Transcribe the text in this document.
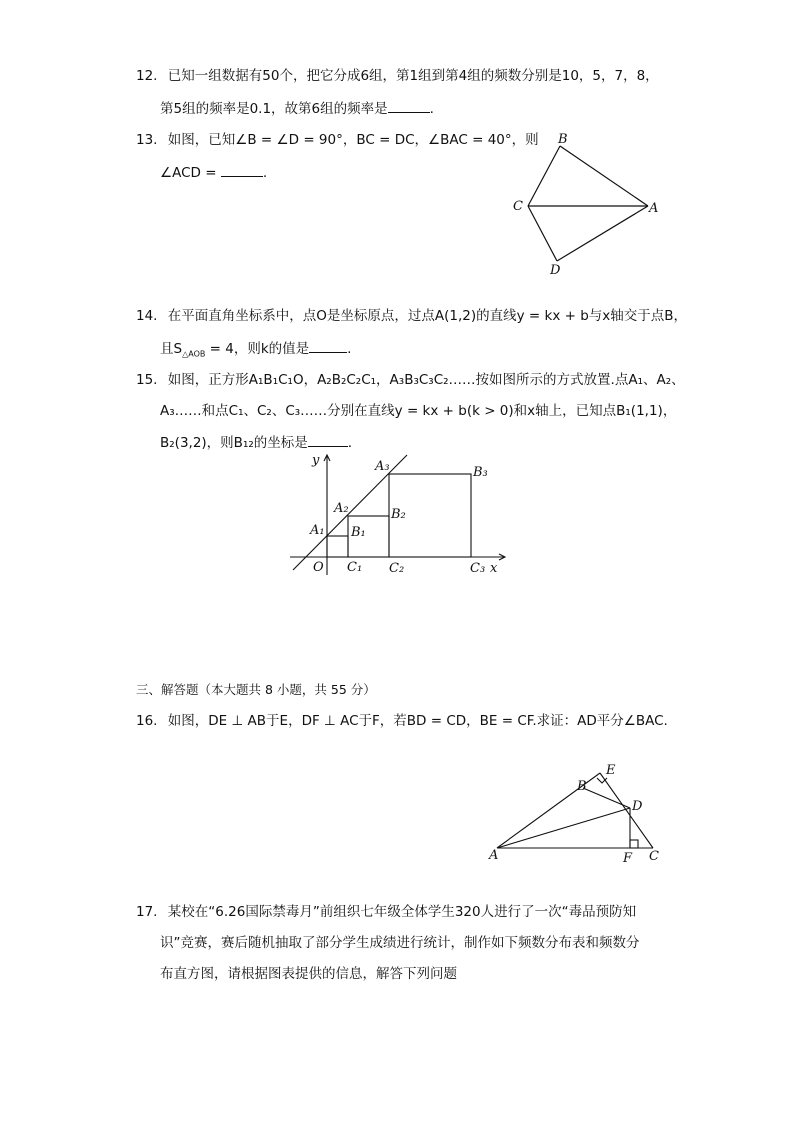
12. 已知一组数据有50个，把它分成6组，第1组到第4组的频数分别是10，5，7，8，
第5组的频率是0.1，故第6组的频率是	.
13. 如图，已知∠B = ∠D = 90°，BC = DC，∠BAC = 40°，则
∠ACD =	.
B
C	A
D
14. 在平面直角坐标系中，点O是坐标原点，过点A(1,2)的直线y = kx + b与x轴交于点B，
且$S_{\triangle AOB} = 4$，则k的值是	.
15. 如图，正方形A₁B₁C₁O，A₂B₂C₂C₁，A₃B₃C₃C₂……按如图所示的方式放置.点A₁、A₂、
A₃……和点C₁、C₂、C₃……分别在直线y = kx + b(k > 0)和x轴上，已知点B₁(1,1)，
B₂(3,2)，则B₁₂的坐标是	.
y	A₃	B₃
A₂	B₂
A₁ B₁
O C₁ C₂	C₃ x
三、解答题（本大题共 8 小题，共 55 分）
16. 如图，DE ⊥ AB于E，DF ⊥ AC于F，若BD = CD，BE = CF.求证：AD平分∠BAC.
E
B
D
A	F C
17. 某校在“6.26国际禁毒月”前组织七年级全体学生320人进行了一次“毒品预防知
识”竞赛，赛后随机抽取了部分学生成绩进行统计，制作如下频数分布表和频数分
布直方图，请根据图表提供的信息，解答下列问题
